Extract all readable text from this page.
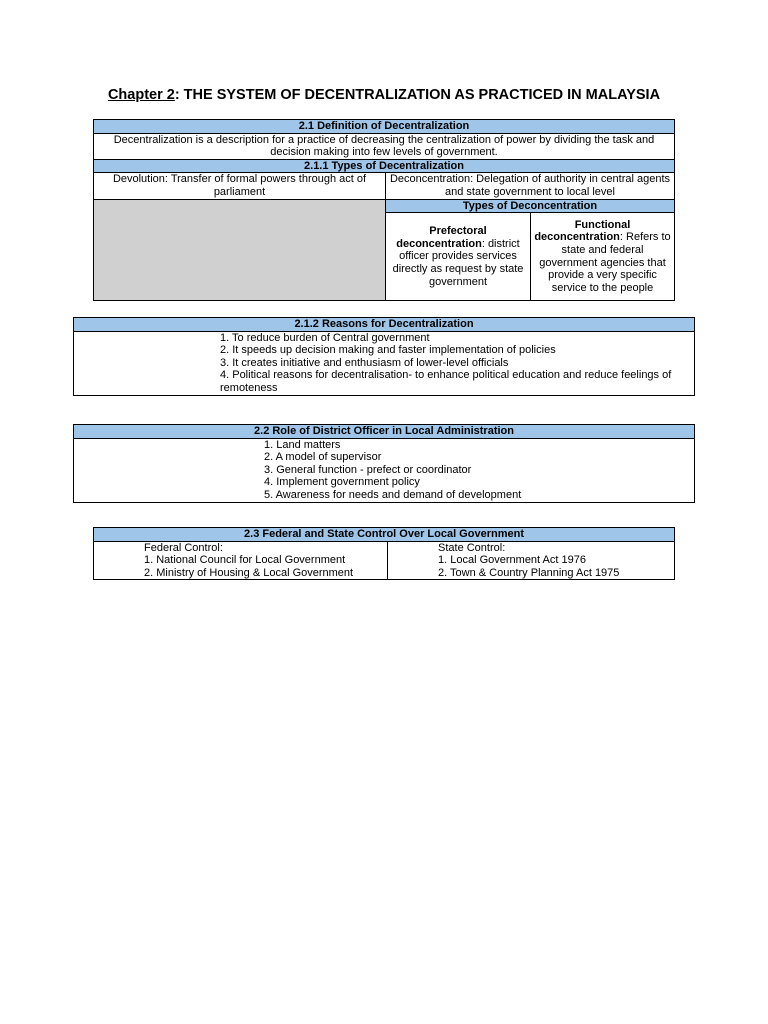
Chapter 2: THE SYSTEM OF DECENTRALIZATION AS PRACTICED IN MALAYSIA
2.1 Definition of Decentralization		
Decentralization is a description for a practice of decreasing the centralization of power by dividing the task and decision making into few levels of government.		
2.1.1 Types of Decentralization		
Devolution: Transfer of formal powers through act of parliament	Deconcentration: Delegation of authority in central agents and state government to local level	
	Types of Deconcentration	
	Prefectoral deconcentration: district officer provides services directly as request by state government	Functional deconcentration: Refers to state and federal government agencies that provide a very specific service to the people
2.1.2 Reasons for Decentralization

1. To reduce burden of Central government
2. It speeds up decision making and faster implementation of policies
3. It creates initiative and enthusiasm of lower-level officials
4. Political reasons for decentralisation- to enhance political education and reduce feelings of remoteness
2.2 Role of District Officer in Local Administration

1. Land matters
2. A model of supervisor
3. General function - prefect or coordinator
4. Implement government policy
5. Awareness for needs and demand of development
2.3 Federal and State Control Over Local Government

Federal Control:
1. National Council for Local Government
2. Ministry of Housing & Local Government

State Control:
1. Local Government Act 1976
2. Town & Country Planning Act 1975
